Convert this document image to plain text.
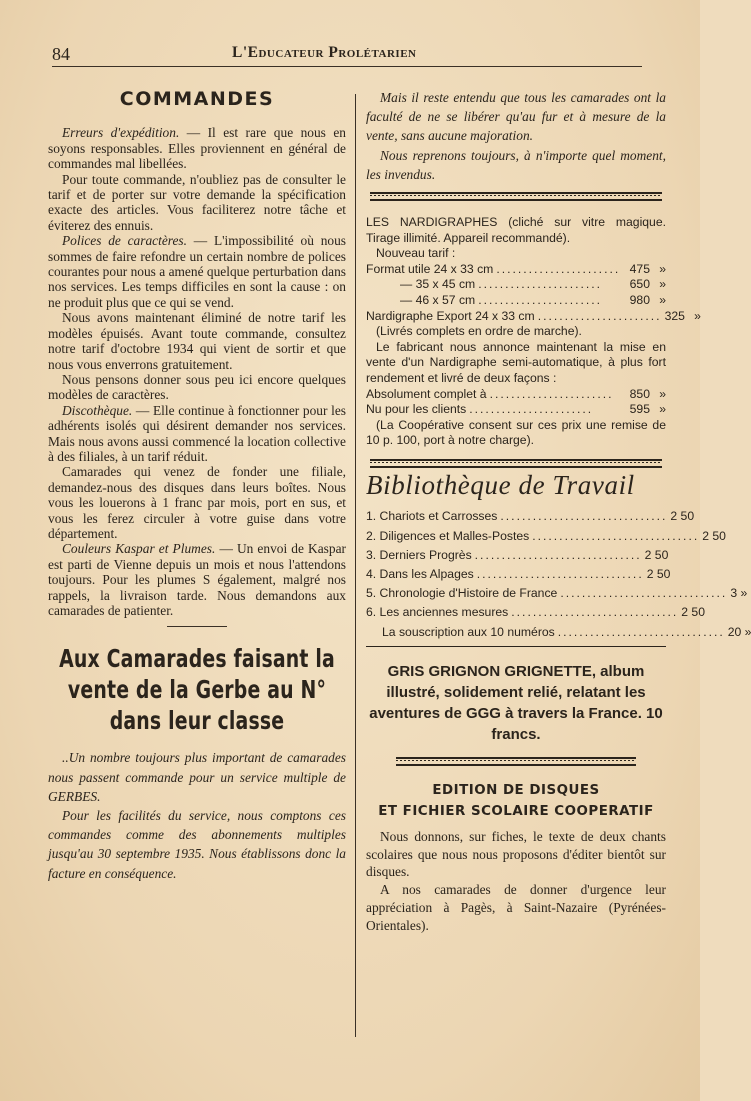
84	L'Educateur Prolétarien
COMMANDES

Erreurs d'expédition. — Il est rare que nous en soyons responsables. Elles proviennent en général de commandes mal libellées.

Pour toute commande, n'oubliez pas de consulter le tarif et de porter sur votre demande la spécification exacte des articles. Vous faciliterez notre tâche et éviterez des ennuis.

Polices de caractères. — L'impossibilité où nous sommes de faire refondre un certain nombre de polices courantes pour nous a amené quelque perturbation dans nos services. Les temps difficiles en sont la cause : on ne produit plus que ce qui se vend.

Nous avons maintenant éliminé de notre tarif les modèles épuisés. Avant toute commande, consultez notre tarif d'octobre 1934 qui vient de sortir et que nous vous enverrons gratuitement.

Nous pensons donner sous peu ici encore quelques modèles de caractères.

Discothèque. — Elle continue à fonctionner pour les adhérents isolés qui désirent demander nos services. Mais nous avons aussi commencé la location collective à des filiales, à un tarif réduit.

Camarades qui venez de fonder une filiale, demandez-nous des disques dans leurs boîtes. Nous vous les louerons à 1 franc par mois, port en sus, et vous les ferez circuler à votre guise dans votre département.

Couleurs Kaspar et Plumes. — Un envoi de Kaspar est parti de Vienne depuis un mois et nous l'attendons toujours. Pour les plumes S également, malgré nos rappels, la livraison tarde. Nous demandons aux camarades de patienter.

Aux Camarades faisant la vente de la Gerbe au N° dans leur classe

..Un nombre toujours plus important de camarades nous passent commande pour un service multiple de GERBES.

Pour les facilités du service, nous comptons ces commandes comme des abonnements multiples jusqu'au 30 septembre 1935. Nous établissons donc la facture en conséquence.

Mais il reste entendu que tous les camarades ont la faculté de ne se libérer qu'au fur et à mesure de la vente, sans aucune majoration.

Nous reprenons toujours, à n'importe quel moment, les invendus.

LES NARDIGRAPHES (cliché sur vitre magique. Tirage illimité. Appareil recommandé).

Nouveau tarif :

Format utile 24 x 33 cm ....................... 475 »
— 35 x 45 cm .......................	650 »
— 46 x 57 cm .......................	980 »
Nardigraphe Export 24 x 33 cm ....................... 325 »

(Livrés complets en ordre de marche).

Le fabricant nous annonce maintenant la mise en vente d'un Nardigraphe semi-automatique, à plus fort rendement et livré de deux façons :

Absolument complet à .......................	850 »
Nu pour les clients .......................	595 »

(La Coopérative consent sur ces prix une remise de 10 p. 100, port à notre charge).

Bibliothèque de Travail
1. Chariots et Carrosses ............................... 2 50
2. Diligences et Malles-Postes ............................... 2 50
3. Derniers Progrès ............................... 2 50
4. Dans les Alpages ............................... 2 50
5. Chronologie d'Histoire de France ............................... 3 »
6. Les anciennes mesures ............................... 2 50
La souscription aux 10 numéros ............................... 20 »
GRIS GRIGNON GRIGNETTE, album illustré, solidement relié, relatant les aventures de GGG à travers la France. 10 francs.
EDITION DE DISQUES
ET FICHIER SCOLAIRE COOPERATIF

Nous donnons, sur fiches, le texte de deux chants scolaires que nous nous proposons d'éditer bientôt sur disques.

A nos camarades de donner d'urgence leur appréciation à Pagès, à Saint-Nazaire (Pyrénées-Orientales).
